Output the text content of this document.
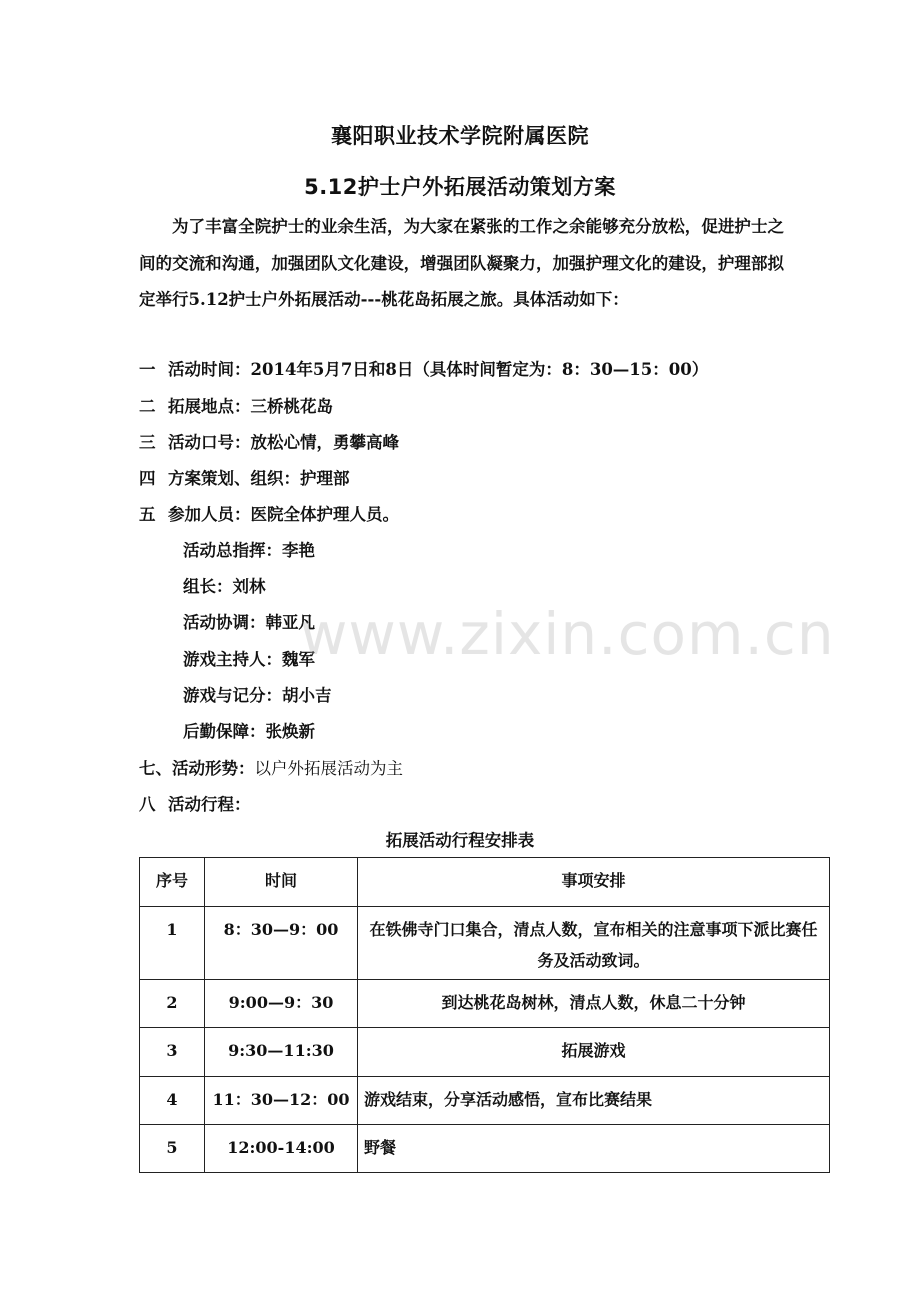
襄阳职业技术学院附属医院
5.12护士户外拓展活动策划方案
为了丰富全院护士的业余生活，为大家在紧张的工作之余能够充分放松，促进护士之间的交流和沟通，加强团队文化建设，增强团队凝聚力，加强护理文化的建设，护理部拟定举行5.12护士户外拓展活动---桃花岛拓展之旅。具体活动如下：
一 活动时间：2014年5月7日和8日（具体时间暂定为：8：30—15：00）
二 拓展地点：三桥桃花岛
三 活动口号：放松心情，勇攀高峰
四 方案策划、组织：护理部
五 参加人员：医院全体护理人员。
活动总指挥：李艳
组长：刘林
活动协调：韩亚凡
游戏主持人：魏军
游戏与记分：胡小吉
后勤保障：张焕新
七、活动形势：以户外拓展活动为主
八 活动行程：
拓展活动行程安排表
序号	时间	事项安排
1	8：30—9：00	在铁佛寺门口集合，清点人数，宣布相关的注意事项下派比赛任务及活动致词。
2	9:00—9：30	到达桃花岛树林，清点人数，休息二十分钟
3	9:30—11:30	拓展游戏
4	11：30—12：00	游戏结束，分享活动感悟，宣布比赛结果
5	12:00-14:00	野餐
www.zixin.com.cn
